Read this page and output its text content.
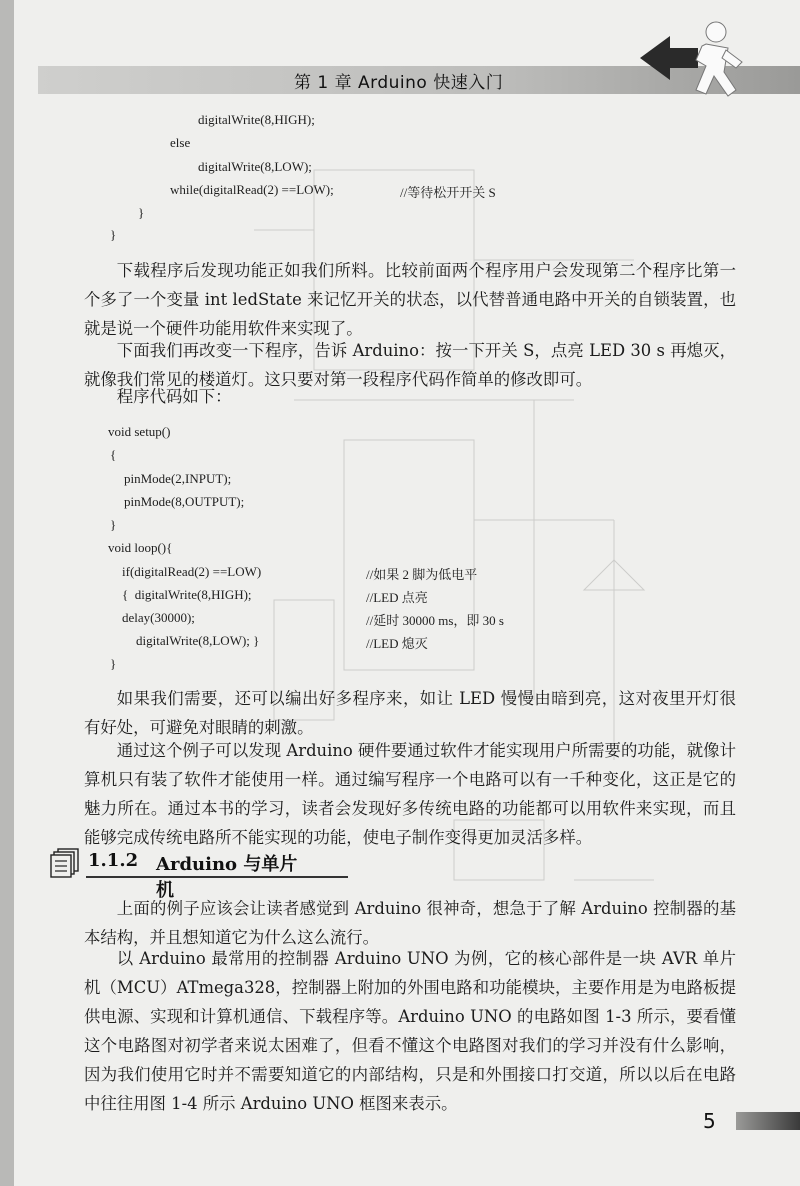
第 1 章 Arduino 快速入门
digitalWrite(8,HIGH);
else
digitalWrite(8,LOW);
while(digitalRead(2) ==LOW);	//等待松开开关 S
}
}
下载程序后发现功能正如我们所料。比较前面两个程序用户会发现第二个程序比第一个多了一个变量 int ledState 来记忆开关的状态，以代替普通电路中开关的自锁装置，也就是说一个硬件功能用软件来实现了。
下面我们再改变一下程序，告诉 Arduino：按一下开关 S，点亮 LED 30 s 再熄灭，就像我们常见的楼道灯。这只要对第一段程序代码作简单的修改即可。
程序代码如下：
void setup()
{
pinMode(2,INPUT);
pinMode(8,OUTPUT);
}
void loop(){
if(digitalRead(2) ==LOW)	//如果 2 脚为低电平
{  digitalWrite(8,HIGH);	//LED 点亮
delay(30000);	//延时 30000 ms，即 30 s
digitalWrite(8,LOW); }	//LED 熄灭
}
如果我们需要，还可以编出好多程序来，如让 LED 慢慢由暗到亮，这对夜里开灯很有好处，可避免对眼睛的刺激。
通过这个例子可以发现 Arduino 硬件要通过软件才能实现用户所需要的功能，就像计算机只有装了软件才能使用一样。通过编写程序一个电路可以有一千种变化，这正是它的魅力所在。通过本书的学习，读者会发现好多传统电路的功能都可以用软件来实现，而且能够完成传统电路所不能实现的功能，使电子制作变得更加灵活多样。
1.1.2 Arduino 与单片机
上面的例子应该会让读者感觉到 Arduino 很神奇，想急于了解 Arduino 控制器的基本结构，并且想知道它为什么这么流行。
以 Arduino 最常用的控制器 Arduino UNO 为例，它的核心部件是一块 AVR 单片机（MCU）ATmega328，控制器上附加的外围电路和功能模块，主要作用是为电路板提供电源、实现和计算机通信、下载程序等。Arduino UNO 的电路如图 1-3 所示，要看懂这个电路图对初学者来说太困难了，但看不懂这个电路图对我们的学习并没有什么影响，因为我们使用它时并不需要知道它的内部结构，只是和外围接口打交道，所以以后在电路中往往用图 1-4 所示 Arduino UNO 框图来表示。
5
